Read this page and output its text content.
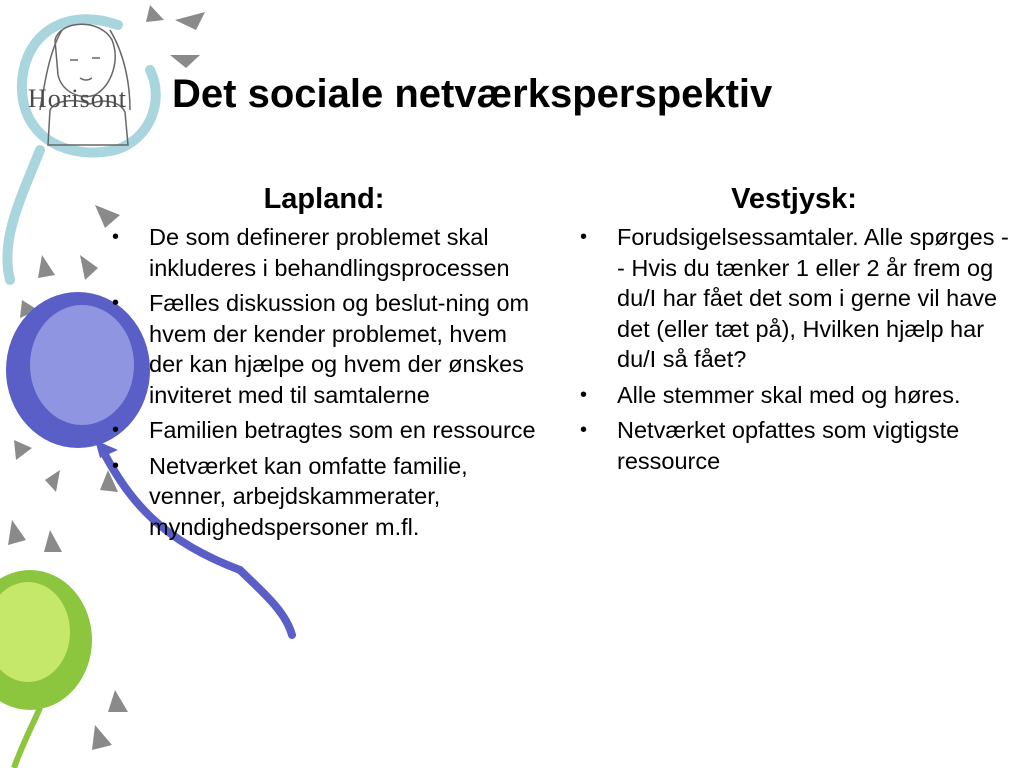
Horisont Det sociale netværksperspektiv
Lapland:
• De som definerer problemet skal inkluderes i behandlingsprocessen
• Fælles diskussion og beslut-ning om hvem der kender problemet, hvem der kan hjælpe og hvem der ønskes inviteret med til samtalerne
• Familien betragtes som en ressource
• Netværket kan omfatte familie, venner, arbejdskammerater, myndighedspersoner m.fl.
Vestjysk:
• Forudsigelsessamtaler. Alle spørges - - Hvis du tænker 1 eller 2 år frem og du/I har fået det som i gerne vil have det (eller tæt på), Hvilken hjælp har du/I så fået?
• Alle stemmer skal med og høres.
• Netværket opfattes som vigtigste ressource
